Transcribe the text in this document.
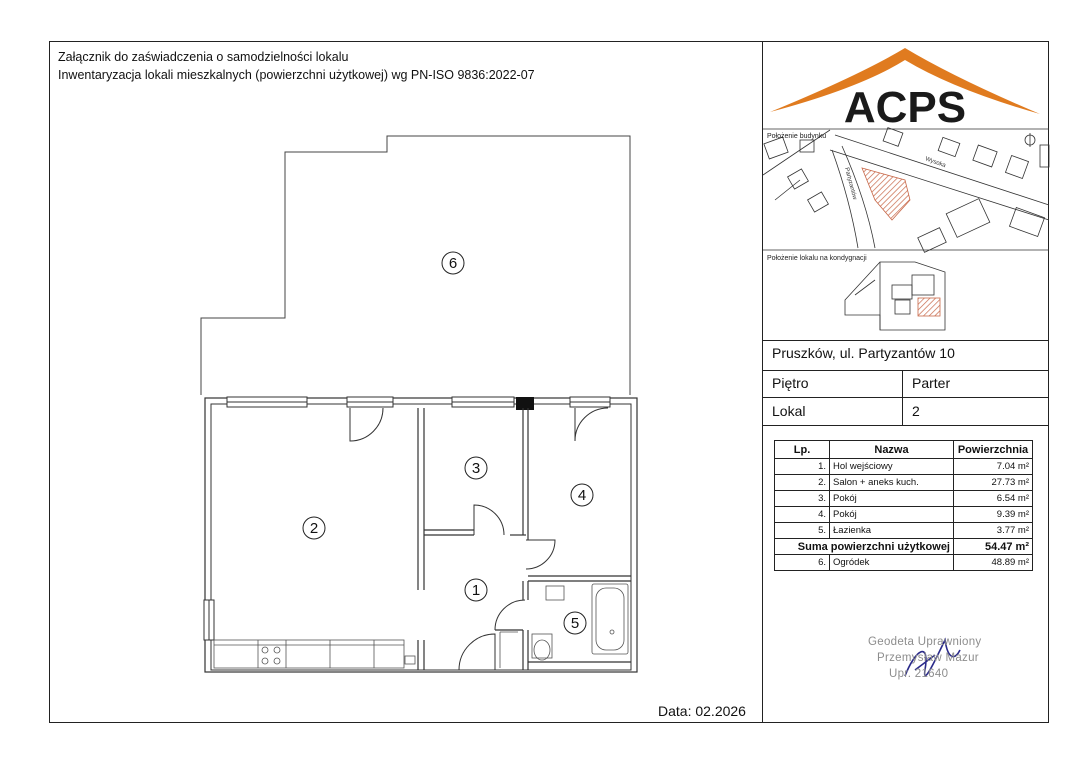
Załącznik do zaświadczenia o samodzielności lokalu
Inwentaryzacja lokali mieszkalnych (powierzchni użytkowej) wg PN-ISO 9836:2022-07
6
2
3
4
1
5
ACPS
Położenie budynku
Wysoka
Partyzantów
Położenie lokalu na kondygnacji
Pruszków, ul. Partyzantów 10
Piętro	Parter
Lokal	2
Lp.	Nazwa	Powierzchnia
1.	Hol wejściowy	7.04 m²
2.	Salon + aneks kuch.	27.73 m²
3.	Pokój	6.54 m²
4.	Pokój	9.39 m²
5.	Łazienka	3.77 m²
Suma powierzchni użytkowej		54.47 m²
6.	Ogródek	48.89 m²
Geodeta Uprawniony
Przemysław Mazur
Upr. 21640
Data: 02.2026
